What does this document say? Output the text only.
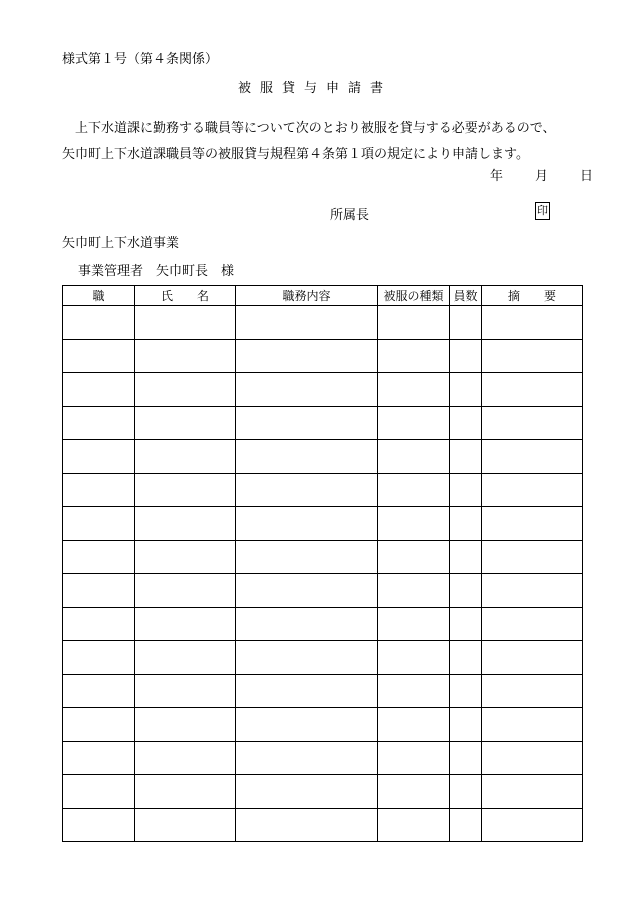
様式第１号（第４条関係）
被服貸与申請書
　上下水道課に勤務する職員等について次のとおり被服を貸与する必要があるので、
矢巾町上下水道課職員等の被服貸与規程第４条第１項の規定により申請します。
年 月 日
所属長	印
矢巾町上下水道事業
事業管理者　矢巾町長　様
職	氏　　名	職務内容	被服の種類	員数	摘　　要
